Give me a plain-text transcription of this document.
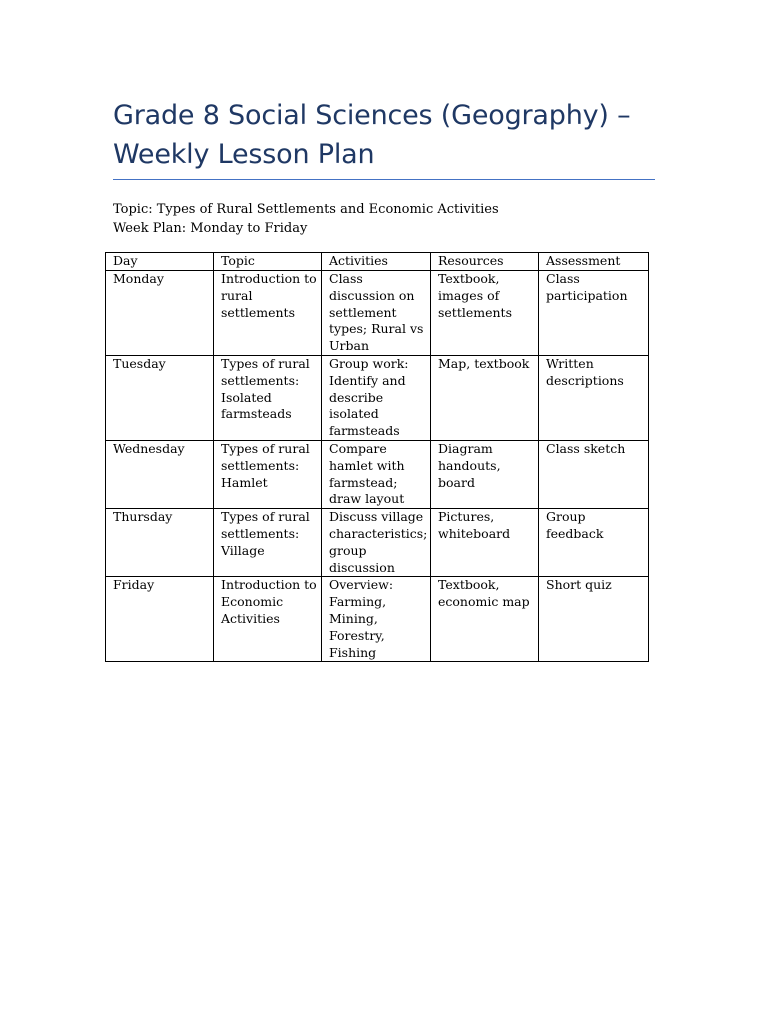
Grade 8 Social Sciences (Geography) – Weekly Lesson Plan
Topic: Types of Rural Settlements and Economic Activities
Week Plan: Monday to Friday
Day	Topic	Activities	Resources	Assessment
Monday	Introduction to rural settlements	Class discussion on settlement types; Rural vs Urban	Textbook, images of settlements	Class participation
Tuesday	Types of rural settlements: Isolated farmsteads	Group work: Identify and describe isolated farmsteads	Map, textbook	Written descriptions
Wednesday	Types of rural settlements: Hamlet	Compare hamlet with farmstead; draw layout	Diagram handouts, board	Class sketch
Thursday	Types of rural settlements: Village	Discuss village characteristics; group discussion	Pictures, whiteboard	Group feedback
Friday	Introduction to Economic Activities	Overview: Farming, Mining, Forestry, Fishing	Textbook, economic map	Short quiz
